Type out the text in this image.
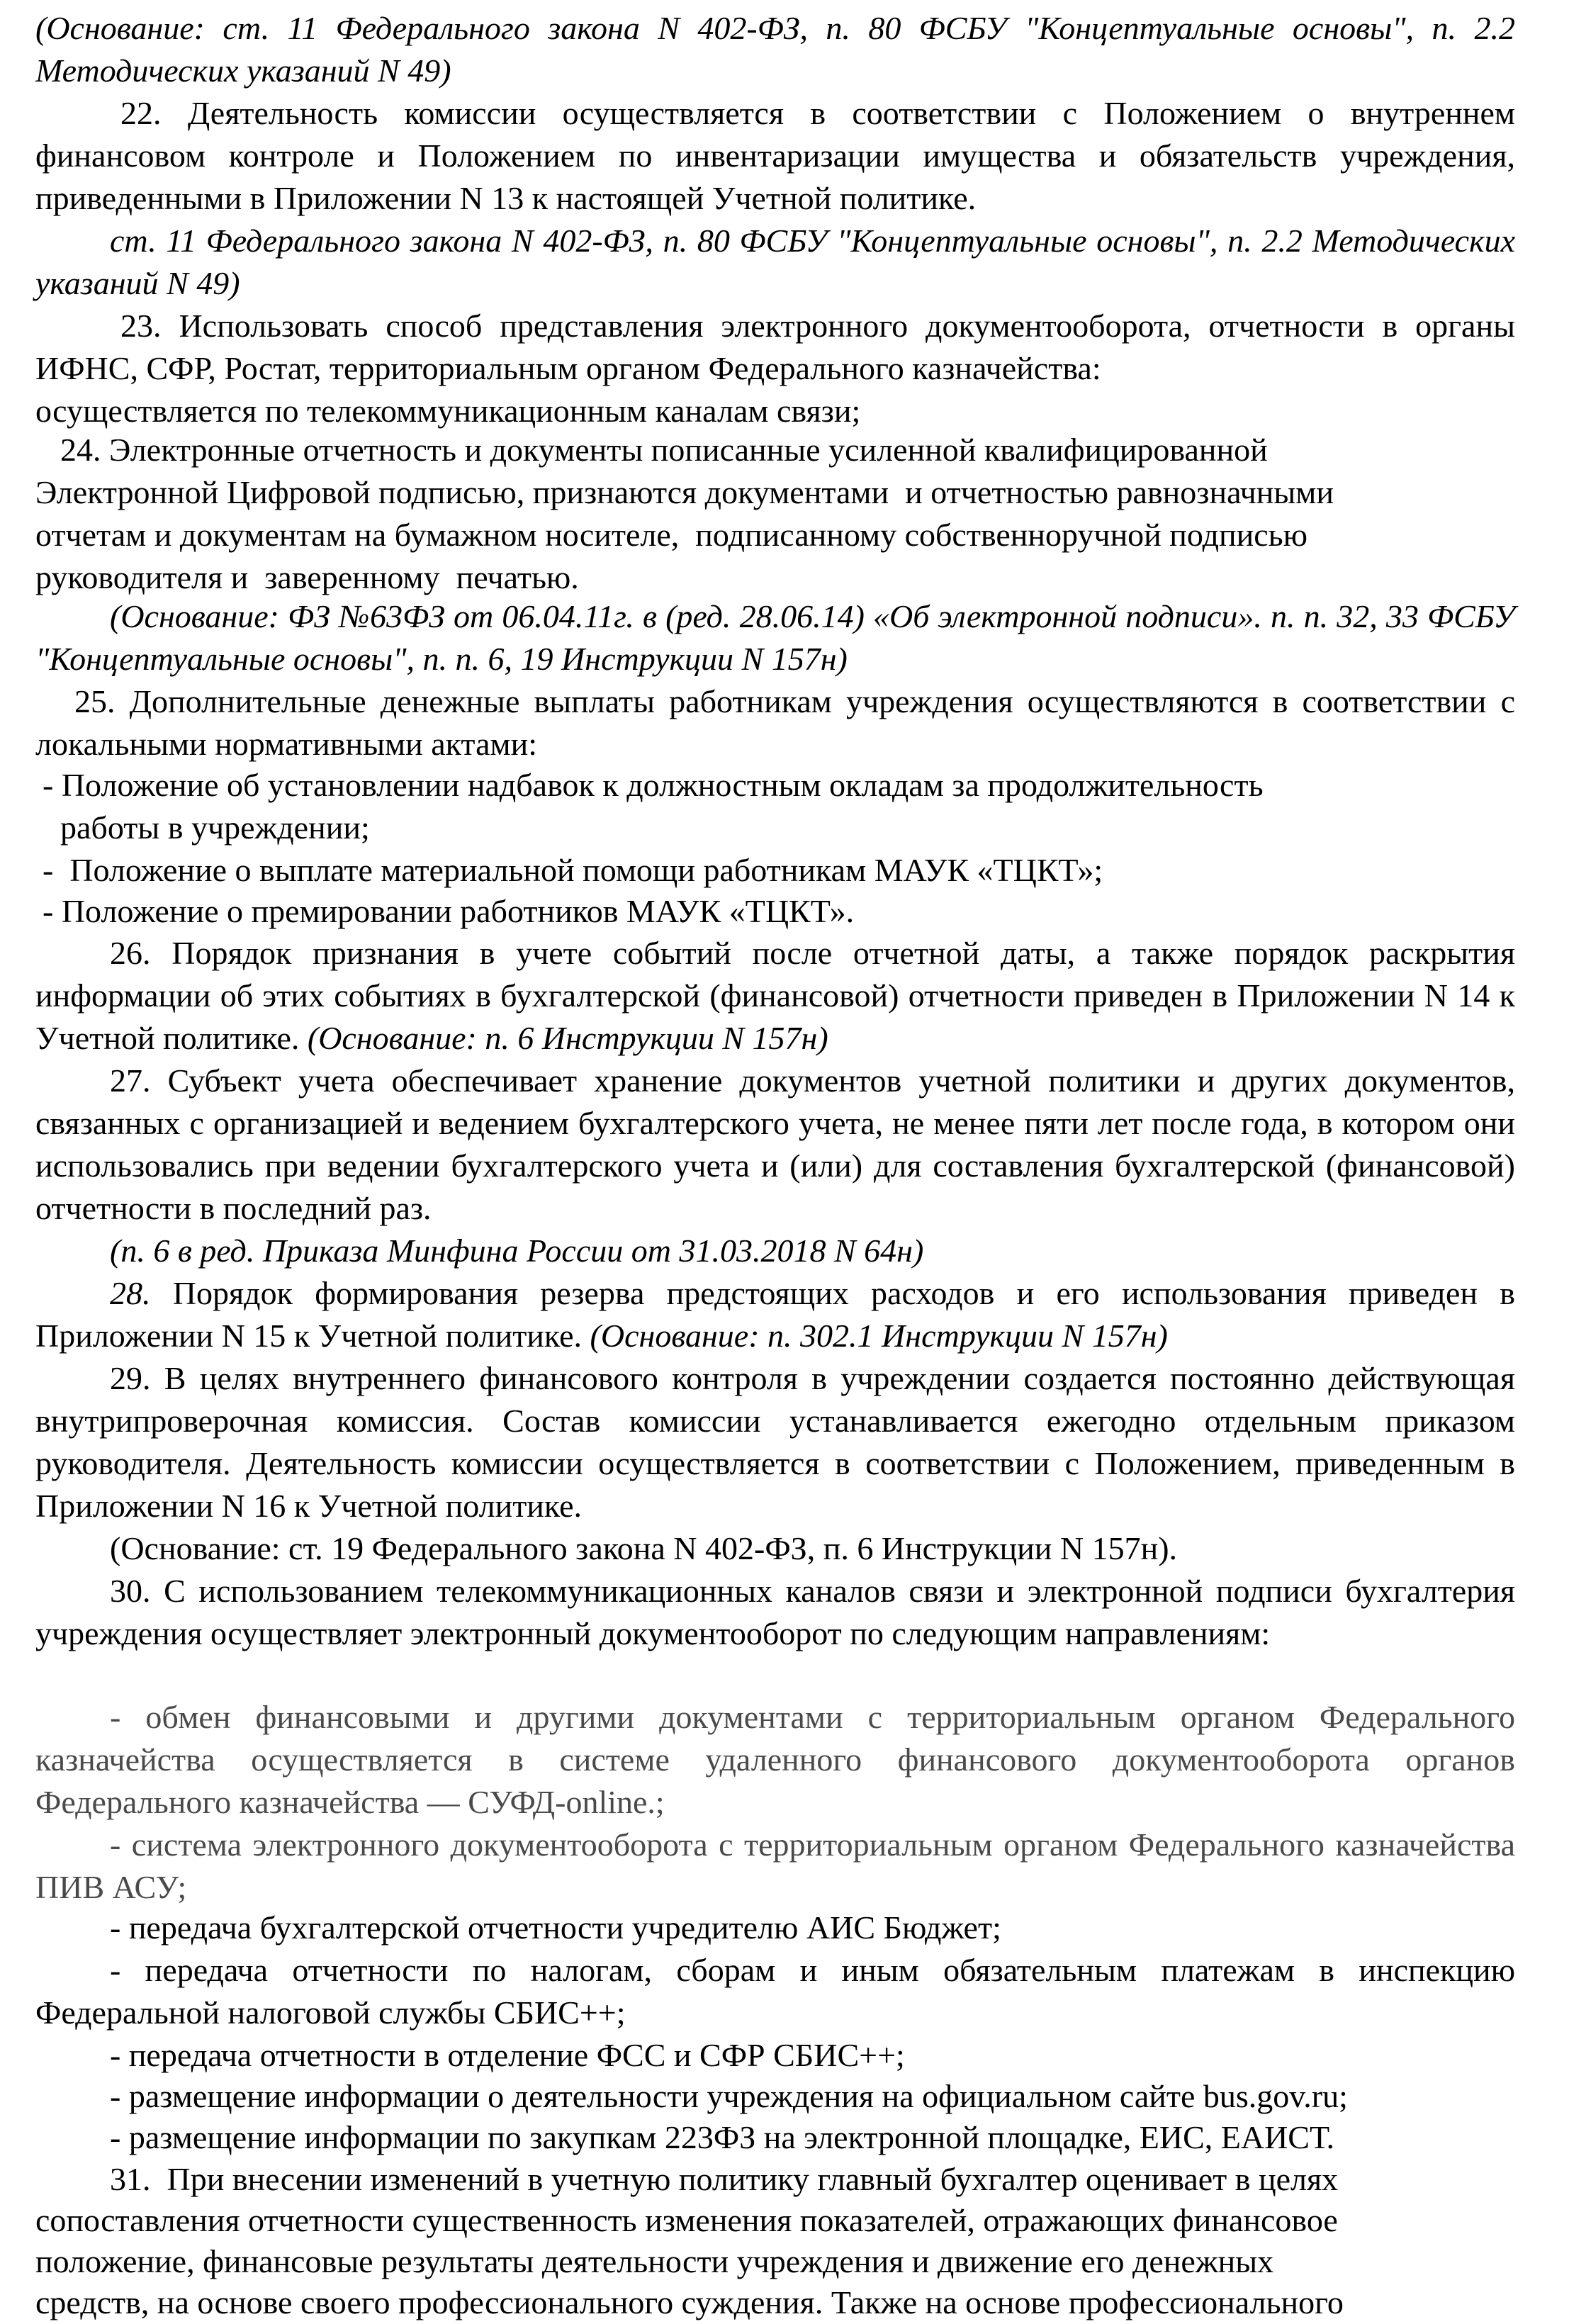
(Основание: ст. 11 Федерального закона N 402-ФЗ, п. 80 ФСБУ "Концептуальные основы", п. 2.2 Методических указаний N 49)

22. Деятельность комиссии осуществляется в соответствии с Положением о внутреннем финансовом контроле и Положением по инвентаризации имущества и обязательств учреждения, приведенными в Приложении N 13 к настоящей Учетной политике.

ст. 11 Федерального закона N 402-ФЗ, п. 80 ФСБУ "Концептуальные основы", п. 2.2 Методических указаний N 49)

23. Использовать способ представления электронного документооборота, отчетности в органы ИФНС, СФР, Ростат, территориальным органом Федерального казначейства:

осуществляется по телекоммуникационным каналам связи;

24. Электронные отчетность и документы пописанные усиленной квалифицированной

Электронной Цифровой подписью, признаются документами  и отчетностью равнозначными

отчетам и документам на бумажном носителе,  подписанному собственноручной подписью

руководителя и  заверенному  печатью.

(Основание: ФЗ №63ФЗ от 06.04.11г. в (ред. 28.06.14) «Об электронной подписи». п. п. 32, 33 ФСБУ "Концептуальные основы", п. п. 6, 19 Инструкции N 157н)

25. Дополнительные денежные выплаты работникам учреждения осуществляются в соответствии с локальными нормативными актами:

- Положение об установлении надбавок к должностным окладам за продолжительность

работы в учреждении;

-  Положение о выплате материальной помощи работникам МАУК «ТЦКТ»;

- Положение о премировании работников МАУК «ТЦКТ».

26. Порядок признания в учете событий после отчетной даты, а также порядок раскрытия информации об этих событиях в бухгалтерской (финансовой) отчетности приведен в Приложении N 14 к Учетной политике. (Основание: п. 6 Инструкции N 157н)

27. Субъект учета обеспечивает хранение документов учетной политики и других документов, связанных с организацией и ведением бухгалтерского учета, не менее пяти лет после года, в котором они использовались при ведении бухгалтерского учета и (или) для составления бухгалтерской (финансовой) отчетности в последний раз.

(п. 6 в ред. Приказа Минфина России от 31.03.2018 N 64н)

28. Порядок формирования резерва предстоящих расходов и его использования приведен в Приложении N 15 к Учетной политике. (Основание: п. 302.1 Инструкции N 157н)

29. В целях внутреннего финансового контроля в учреждении создается постоянно действующая внутрипроверочная комиссия. Состав комиссии устанавливается ежегодно отдельным приказом руководителя. Деятельность комиссии осуществляется в соответствии с Положением, приведенным в Приложении N 16 к Учетной политике.

(Основание: ст. 19 Федерального закона N 402-ФЗ, п. 6 Инструкции N 157н).

30. С использованием телекоммуникационных каналов связи и электронной подписи бухгалтерия учреждения осуществляет электронный документооборот по следующим направлениям:

- обмен финансовыми и другими документами с территориальным органом Федерального казначейства осуществляется в системе удаленного финансового документооборота органов Федерального казначейства — СУФД-online.;

- система электронного документооборота с территориальным органом Федерального казначейства ПИВ АСУ;

- передача бухгалтерской отчетности учредителю АИС Бюджет;

- передача отчетности по налогам, сборам и иным обязательным платежам в инспекцию Федеральной налоговой службы СБИС++;

- передача отчетности в отделение ФСС и СФР СБИС++;

- размещение информации о деятельности учреждения на официальном сайте bus.gov.ru;

- размещение информации по закупкам 223ФЗ на электронной площадке, ЕИС, ЕАИСТ.

31.  При внесении изменений в учетную политику главный бухгалтер оценивает в целях

сопоставления отчетности существенность изменения показателей, отражающих финансовое

положение, финансовые результаты деятельности учреждения и движение его денежных

средств, на основе своего профессионального суждения. Также на основе профессионального
